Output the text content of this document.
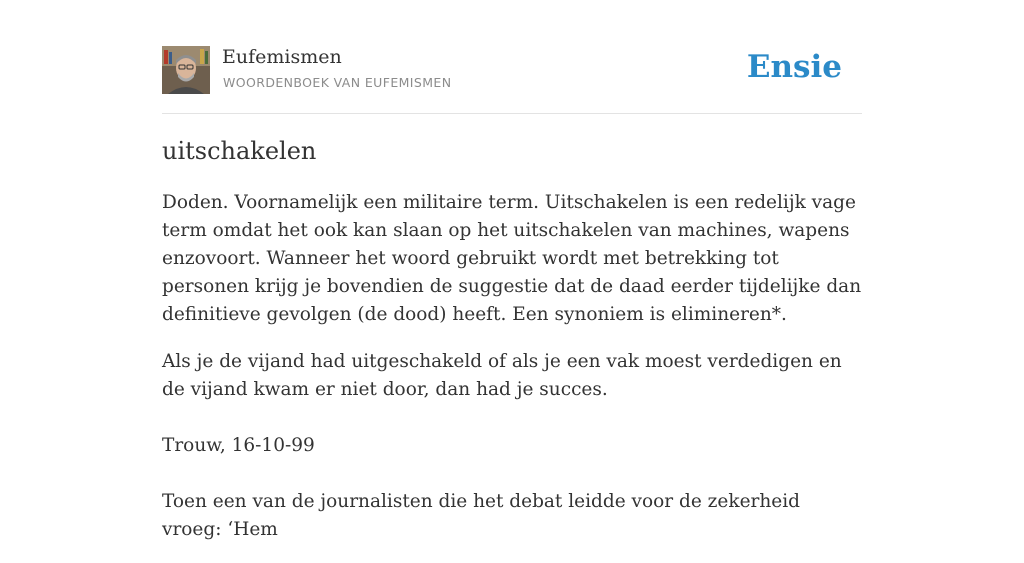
Eufemismen
WOORDENBOEK VAN EUFEMISMEN	Ensie
uitschakelen

Doden. Voornamelijk een militaire term. Uitschakelen is een redelijk vage term omdat het ook kan slaan op het uitschakelen van machines, wapens enzovoort. Wanneer het woord gebruikt wordt met betrekking tot personen krijg je bovendien de suggestie dat de daad eerder tijdelijke dan definitieve gevolgen (de dood) heeft. Een synoniem is elimineren*.

Als je de vijand had uitgeschakeld of als je een vak moest verdedigen en de vijand kwam er niet door, dan had je succes.

Trouw, 16-10-99

Toen een van de journalisten die het debat leidde voor de zekerheid vroeg: ‘Hem
